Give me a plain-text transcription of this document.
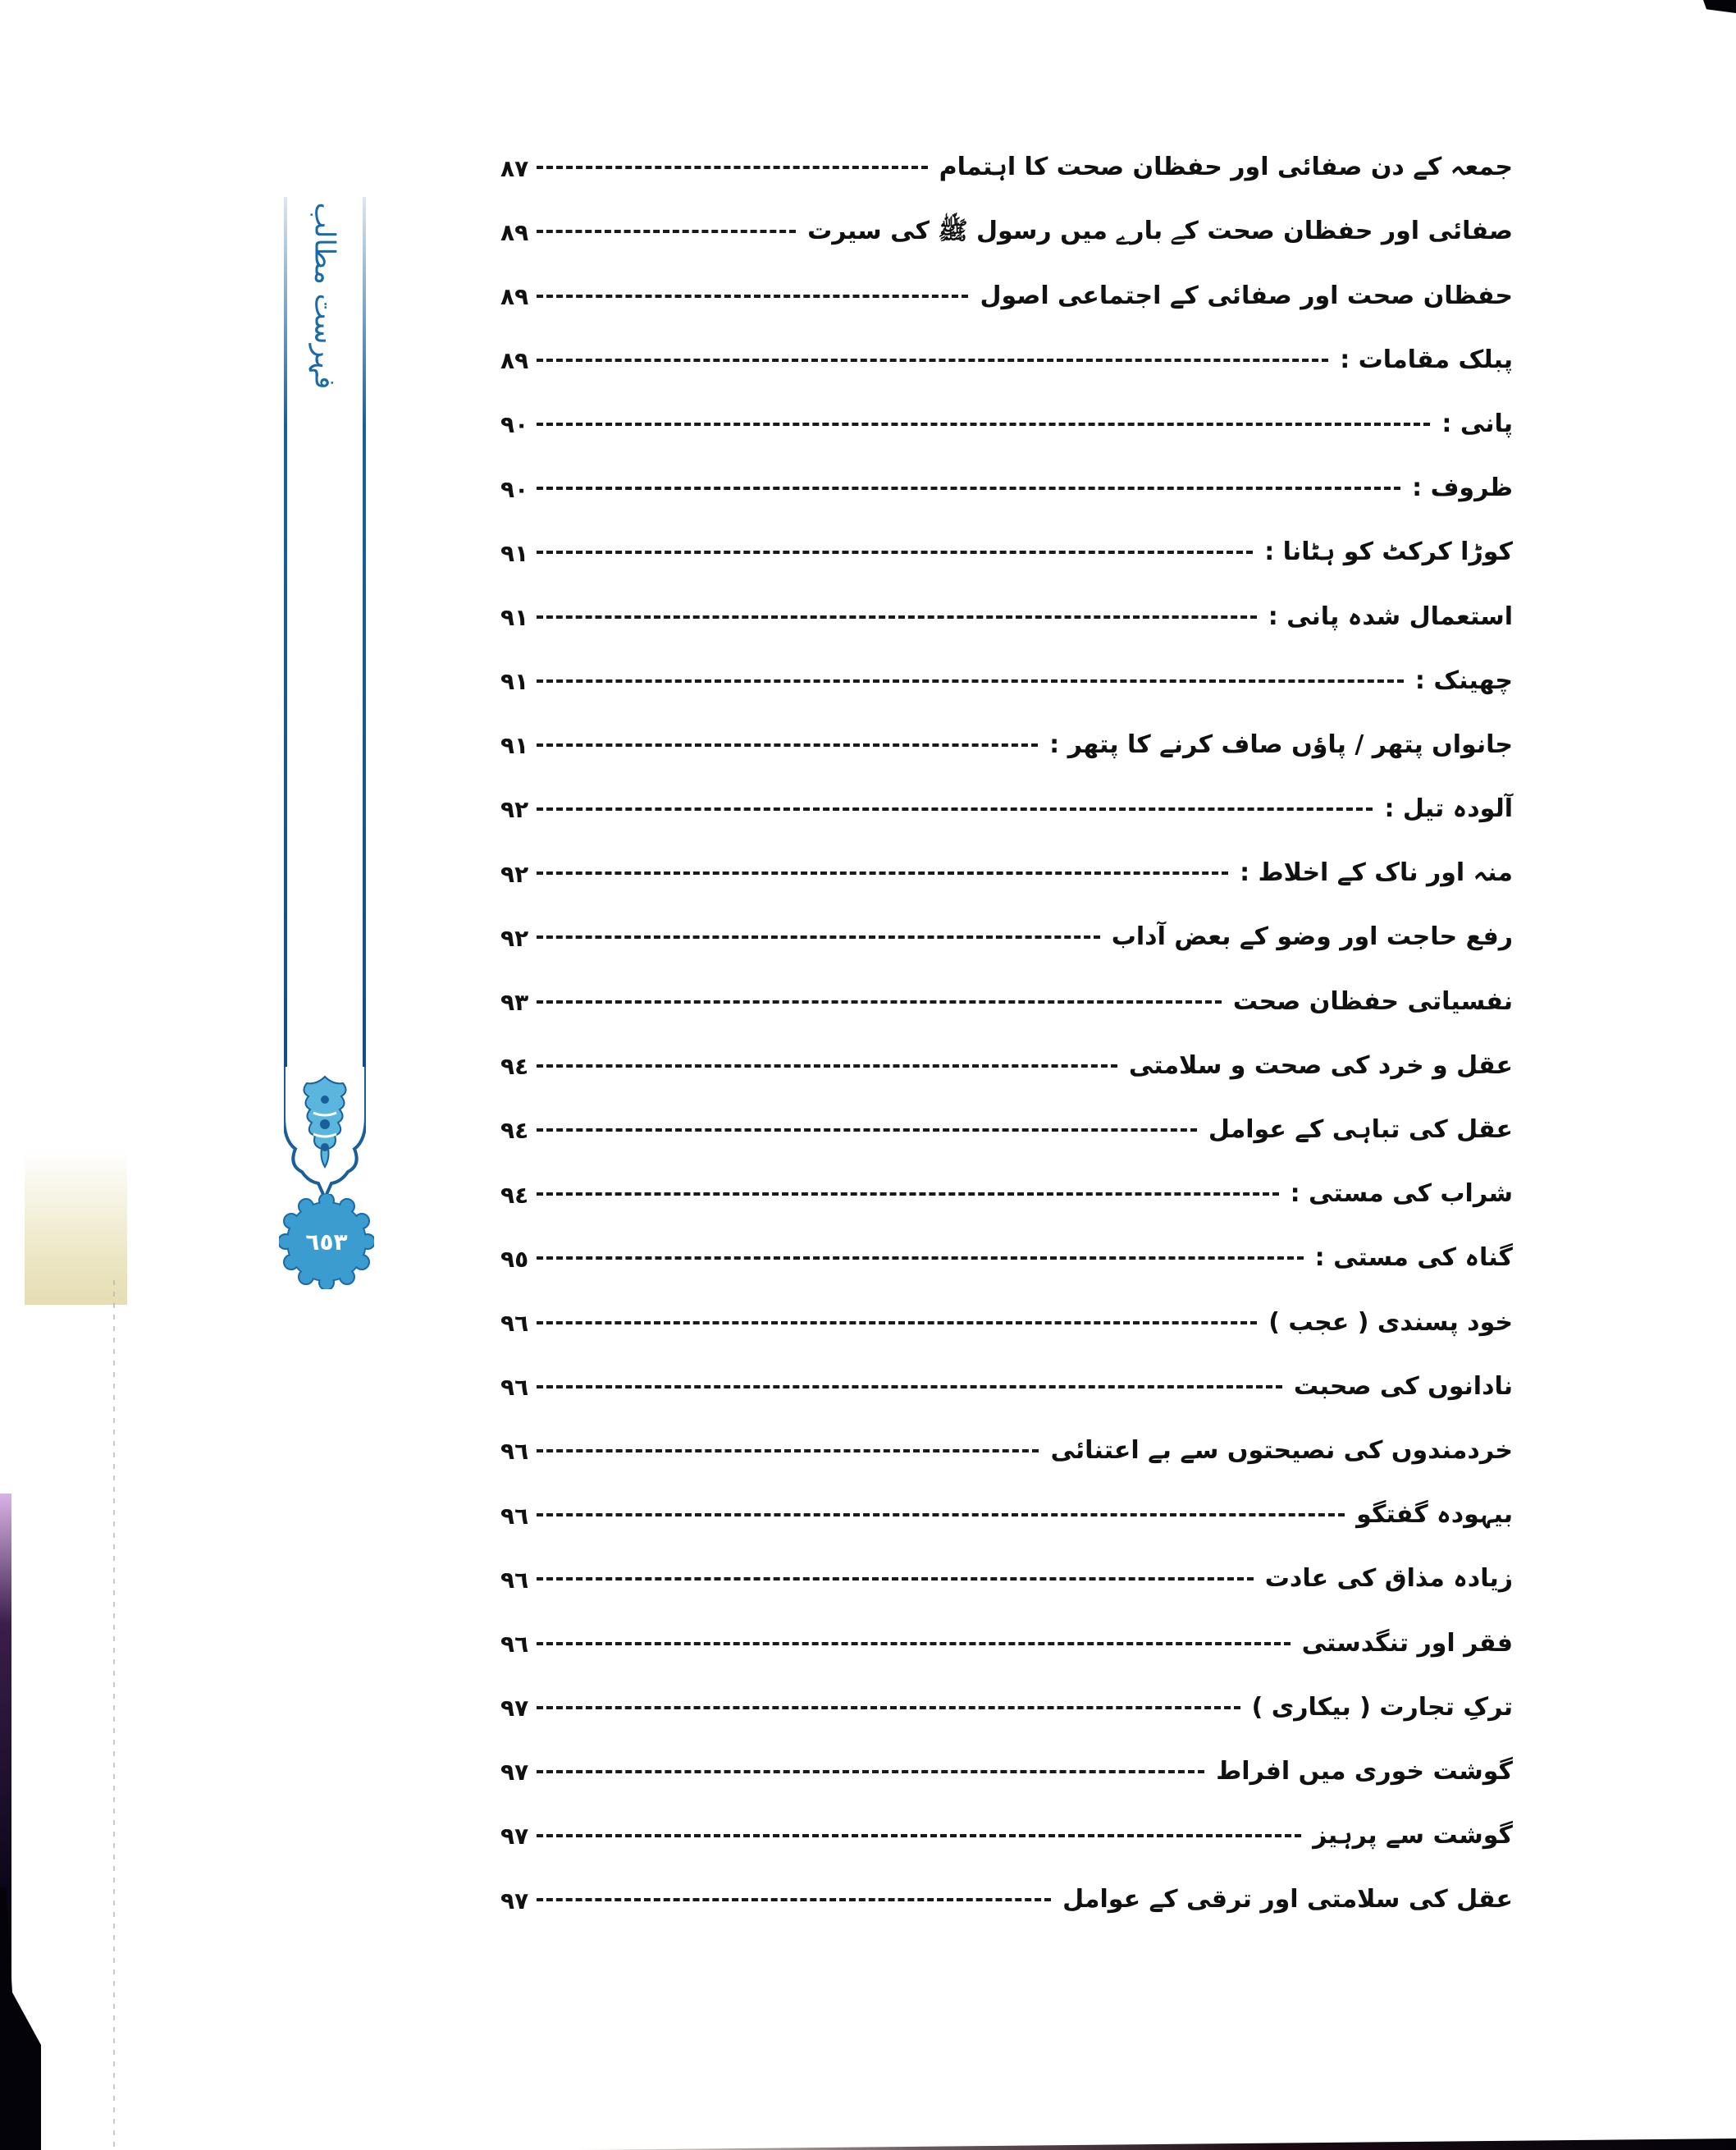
فہرست مطالب
٦٥٣
جمعہ کے دن صفائی اور حفظان صحت کا اہتمام
٨٧
صفائی اور حفظان صحت کے بارے میں رسول ﷺ کی سیرت
٨٩
حفظان صحت اور صفائی کے اجتماعی اصول
٨٩
پبلک مقامات :
٨٩
پانی :
٩٠
ظروف :
٩٠
کوڑا کرکٹ کو ہٹانا :
٩١
استعمال شدہ پانی :
٩١
چھینک :
٩١
جانواں پتھر / پاؤں صاف کرنے کا پتھر :
٩١
آلودہ تیل :
٩٢
منہ اور ناک کے اخلاط :
٩٢
رفع حاجت اور وضو کے بعض آداب
٩٢
نفسیاتی حفظان صحت
٩٣
عقل و خرد کی صحت و سلامتی
٩٤
عقل کی تباہی کے عوامل
٩٤
شراب کی مستی :
٩٤
گناہ کی مستی :
٩٥
خود پسندی ( عجب )
٩٦
نادانوں کی صحبت
٩٦
خردمندوں کی نصیحتوں سے بے اعتنائی
٩٦
بیہودہ گفتگو
٩٦
زیادہ مذاق کی عادت
٩٦
فقر اور تنگدستی
٩٦
ترکِ تجارت ( بیکاری )
٩٧
گوشت خوری میں افراط
٩٧
گوشت سے پرہیز
٩٧
عقل کی سلامتی اور ترقی کے عوامل
٩٧
